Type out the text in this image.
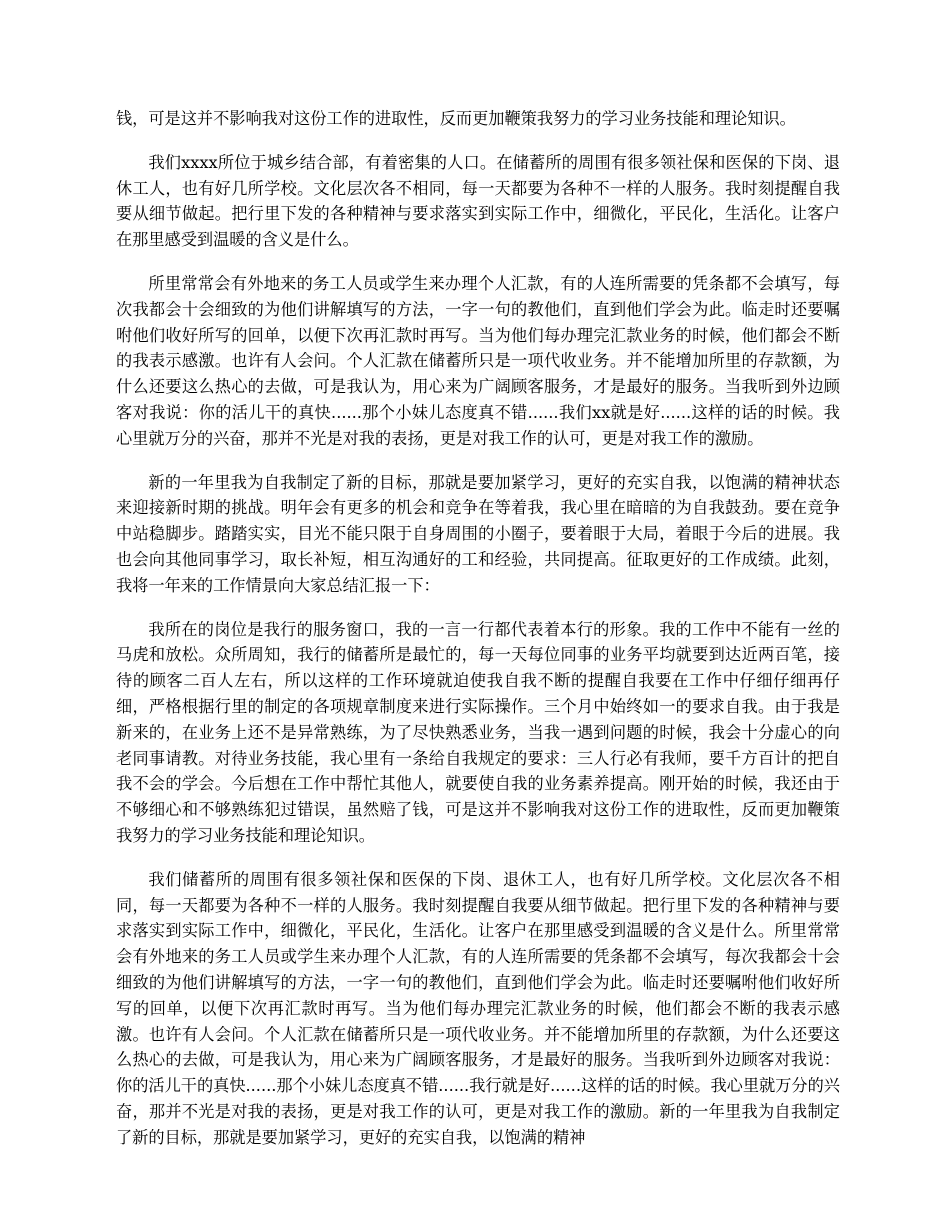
钱，可是这并不影响我对这份工作的进取性，反而更加鞭策我努力的学习业务技能和理论知识。

我们xxxx所位于城乡结合部，有着密集的人口。在储蓄所的周围有很多领社保和医保的下岗、退休工人，也有好几所学校。文化层次各不相同，每一天都要为各种不一样的人服务。我时刻提醒自我要从细节做起。把行里下发的各种精神与要求落实到实际工作中，细微化，平民化，生活化。让客户在那里感受到温暖的含义是什么。

所里常常会有外地来的务工人员或学生来办理个人汇款，有的人连所需要的凭条都不会填写，每次我都会十会细致的为他们讲解填写的方法，一字一句的教他们，直到他们学会为此。临走时还要嘱咐他们收好所写的回单，以便下次再汇款时再写。当为他们每办理完汇款业务的时候，他们都会不断的我表示感激。也许有人会问。个人汇款在储蓄所只是一项代收业务。并不能增加所里的存款额，为什么还要这么热心的去做，可是我认为，用心来为广阔顾客服务，才是最好的服务。当我听到外边顾客对我说：你的活儿干的真快......那个小妹儿态度真不错......我们xx就是好......这样的话的时候。我心里就万分的兴奋，那并不光是对我的表扬，更是对我工作的认可，更是对我工作的激励。

新的一年里我为自我制定了新的目标，那就是要加紧学习，更好的充实自我，以饱满的精神状态来迎接新时期的挑战。明年会有更多的机会和竞争在等着我，我心里在暗暗的为自我鼓劲。要在竞争中站稳脚步。踏踏实实，目光不能只限于自身周围的小圈子，要着眼于大局，着眼于今后的进展。我也会向其他同事学习，取长补短，相互沟通好的工和经验，共同提高。征取更好的工作成绩。此刻，我将一年来的工作情景向大家总结汇报一下：

我所在的岗位是我行的服务窗口，我的一言一行都代表着本行的形象。我的工作中不能有一丝的马虎和放松。众所周知，我行的储蓄所是最忙的，每一天每位同事的业务平均就要到达近两百笔，接待的顾客二百人左右，所以这样的工作环境就迫使我自我不断的提醒自我要在工作中仔细仔细再仔细，严格根据行里的制定的各项规章制度来进行实际操作。三个月中始终如一的要求自我。由于我是新来的，在业务上还不是异常熟练，为了尽快熟悉业务，当我一遇到问题的时候，我会十分虚心的向老同事请教。对待业务技能，我心里有一条给自我规定的要求：三人行必有我师，要千方百计的把自我不会的学会。今后想在工作中帮忙其他人，就要使自我的业务素养提高。刚开始的时候，我还由于不够细心和不够熟练犯过错误，虽然赔了钱，可是这并不影响我对这份工作的进取性，反而更加鞭策我努力的学习业务技能和理论知识。

我们储蓄所的周围有很多领社保和医保的下岗、退休工人，也有好几所学校。文化层次各不相同，每一天都要为各种不一样的人服务。我时刻提醒自我要从细节做起。把行里下发的各种精神与要求落实到实际工作中，细微化，平民化，生活化。让客户在那里感受到温暖的含义是什么。所里常常会有外地来的务工人员或学生来办理个人汇款，有的人连所需要的凭条都不会填写，每次我都会十会细致的为他们讲解填写的方法，一字一句的教他们，直到他们学会为此。临走时还要嘱咐他们收好所写的回单，以便下次再汇款时再写。当为他们每办理完汇款业务的时候，他们都会不断的我表示感激。也许有人会问。个人汇款在储蓄所只是一项代收业务。并不能增加所里的存款额，为什么还要这么热心的去做，可是我认为，用心来为广阔顾客服务，才是最好的服务。当我听到外边顾客对我说：你的活儿干的真快......那个小妹儿态度真不错......我行就是好......这样的话的时候。我心里就万分的兴奋，那并不光是对我的表扬，更是对我工作的认可，更是对我工作的激励。新的一年里我为自我制定了新的目标，那就是要加紧学习，更好的充实自我，以饱满的精神
